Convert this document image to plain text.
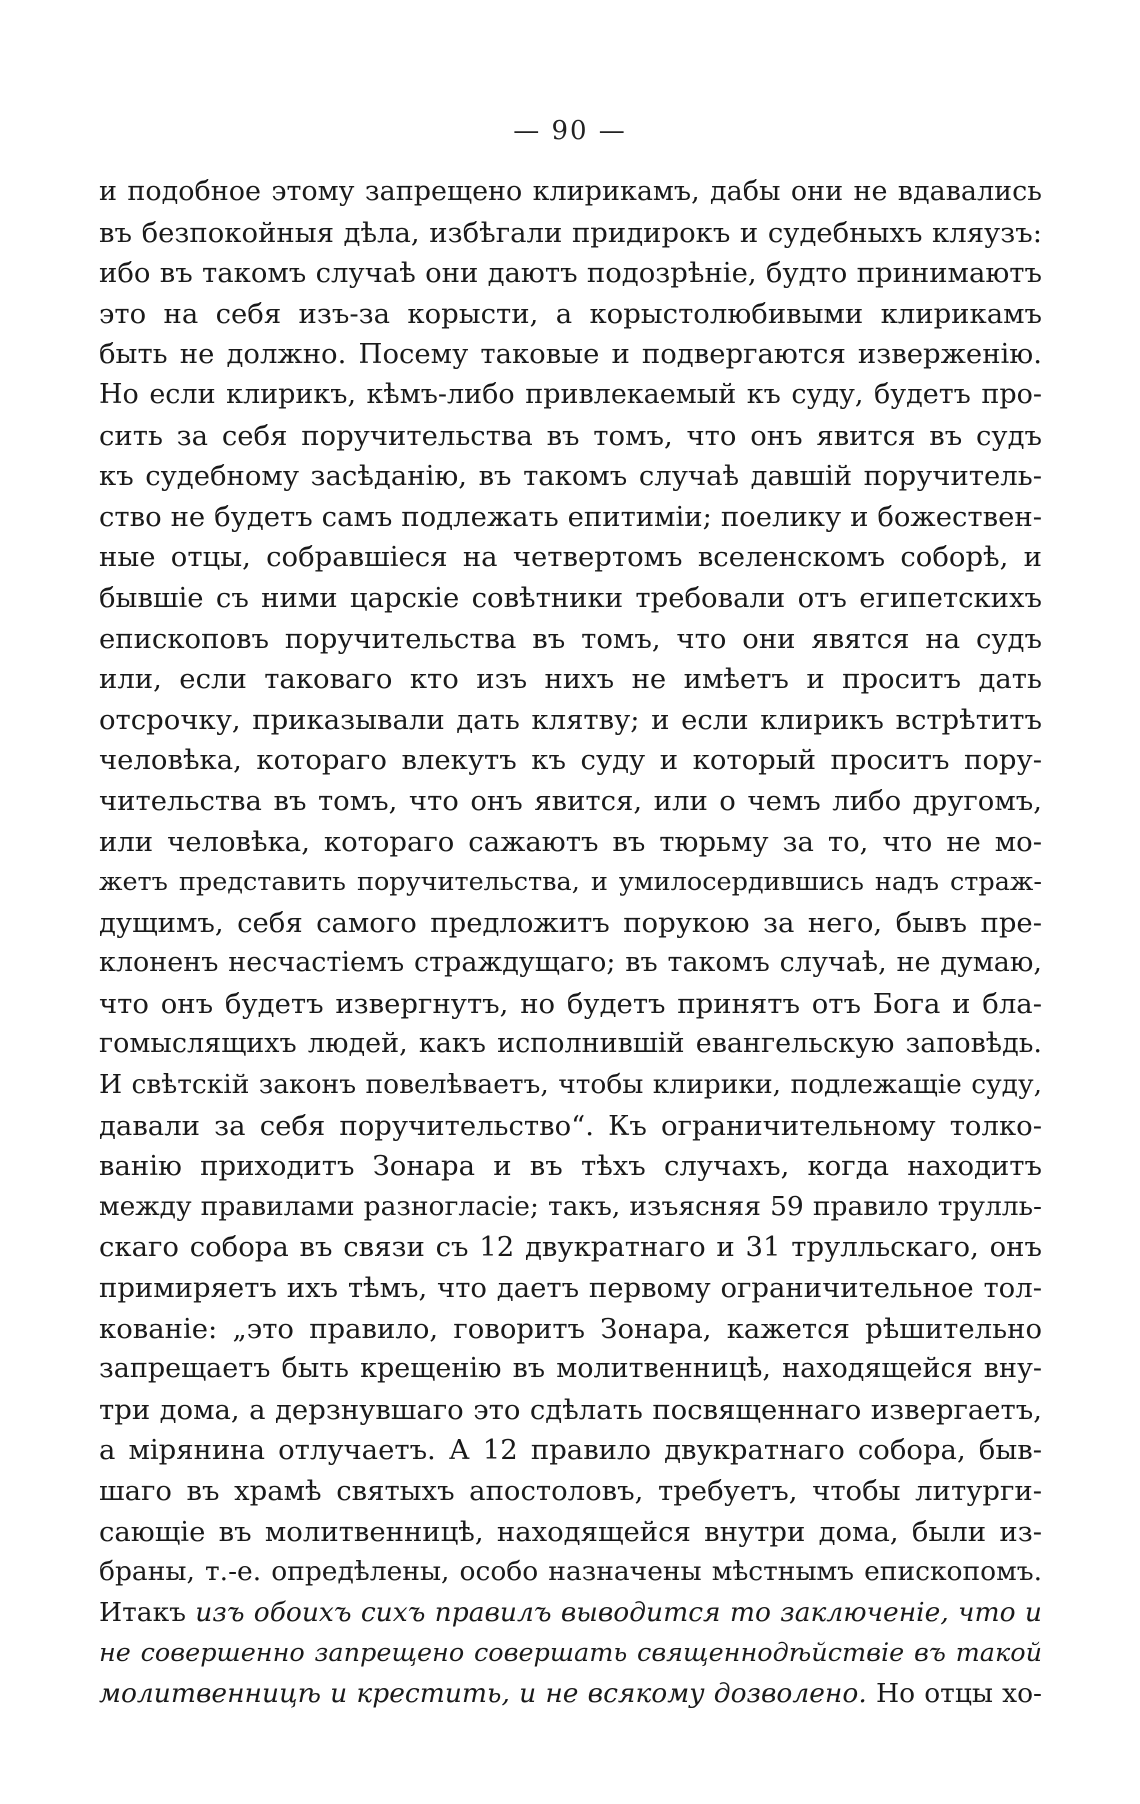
— 90 —
и подобное этому запрещено клирикамъ, дабы они не вдавались
въ безпокойныя дѣла, избѣгали придирокъ и судебныхъ кляузъ:
ибо въ такомъ случаѣ они даютъ подозрѣніе, будто принимаютъ
это на себя изъ-за корысти, а корыстолюбивыми клирикамъ
быть не должно. Посему таковые и подвергаются изверженію.
Но если клирикъ, кѣмъ-либо привлекаемый къ суду, будетъ про-
сить за себя поручительства въ томъ, что онъ явится въ судъ
къ судебному засѣданію, въ такомъ случаѣ давшій поручитель-
ство не будетъ самъ подлежать епитиміи; поелику и божествен-
ные отцы, собравшіеся на четвертомъ вселенскомъ соборѣ, и
бывшіе съ ними царскіе совѣтники требовали отъ египетскихъ
епископовъ поручительства въ томъ, что они явятся на судъ
или, если таковаго кто изъ нихъ не имѣетъ и проситъ дать
отсрочку, приказывали дать клятву; и если клирикъ встрѣтитъ
человѣка, котораго влекутъ къ суду и который проситъ пору-
чительства въ томъ, что онъ явится, или о чемъ либо другомъ,
или человѣка, котораго сажаютъ въ тюрьму за то, что не мо-
жетъ представить поручительства, и умилосердившись надъ страж-
дущимъ, себя самого предложитъ порукою за него, бывъ пре-
клоненъ несчастіемъ страждущаго; въ такомъ случаѣ, не думаю,
что онъ будетъ извергнутъ, но будетъ принятъ отъ Бога и бла-
гомыслящихъ людей, какъ исполнившій евангельскую заповѣдь.
И свѣтскій законъ повелѣваетъ, чтобы клирики, подлежащіе суду,
давали за себя поручительство“. Къ ограничительному толко-
ванію приходитъ Зонара и въ тѣхъ случахъ, когда находитъ
между правилами разногласіе; такъ, изъясняя 59 правило трулль-
скаго собора въ связи съ 12 двукратнаго и 31 трулльскаго, онъ
примиряетъ ихъ тѣмъ, что даетъ первому ограничительное тол-
кованіе: „это правило, говоритъ Зонара, кажется рѣшительно
запрещаетъ быть крещенію въ молитвенницѣ, находящейся вну-
три дома, а дерзнувшаго это сдѣлать посвященнаго извергаетъ,
а мірянина отлучаетъ. А 12 правило двукратнаго собора, быв-
шаго въ храмѣ святыхъ апостоловъ, требуетъ, чтобы литурги-
сающіе въ молитвенницѣ, находящейся внутри дома, были из-
браны, т.-е. опредѣлены, особо назначены мѣстнымъ епископомъ.
Итакъ изъ обоихъ сихъ правилъ выводится то заключеніе, что и
не совершенно запрещено совершать священнодѣйствіе въ такой
молитвенницѣ и крестить, и не всякому дозволено. Но отцы хо-
